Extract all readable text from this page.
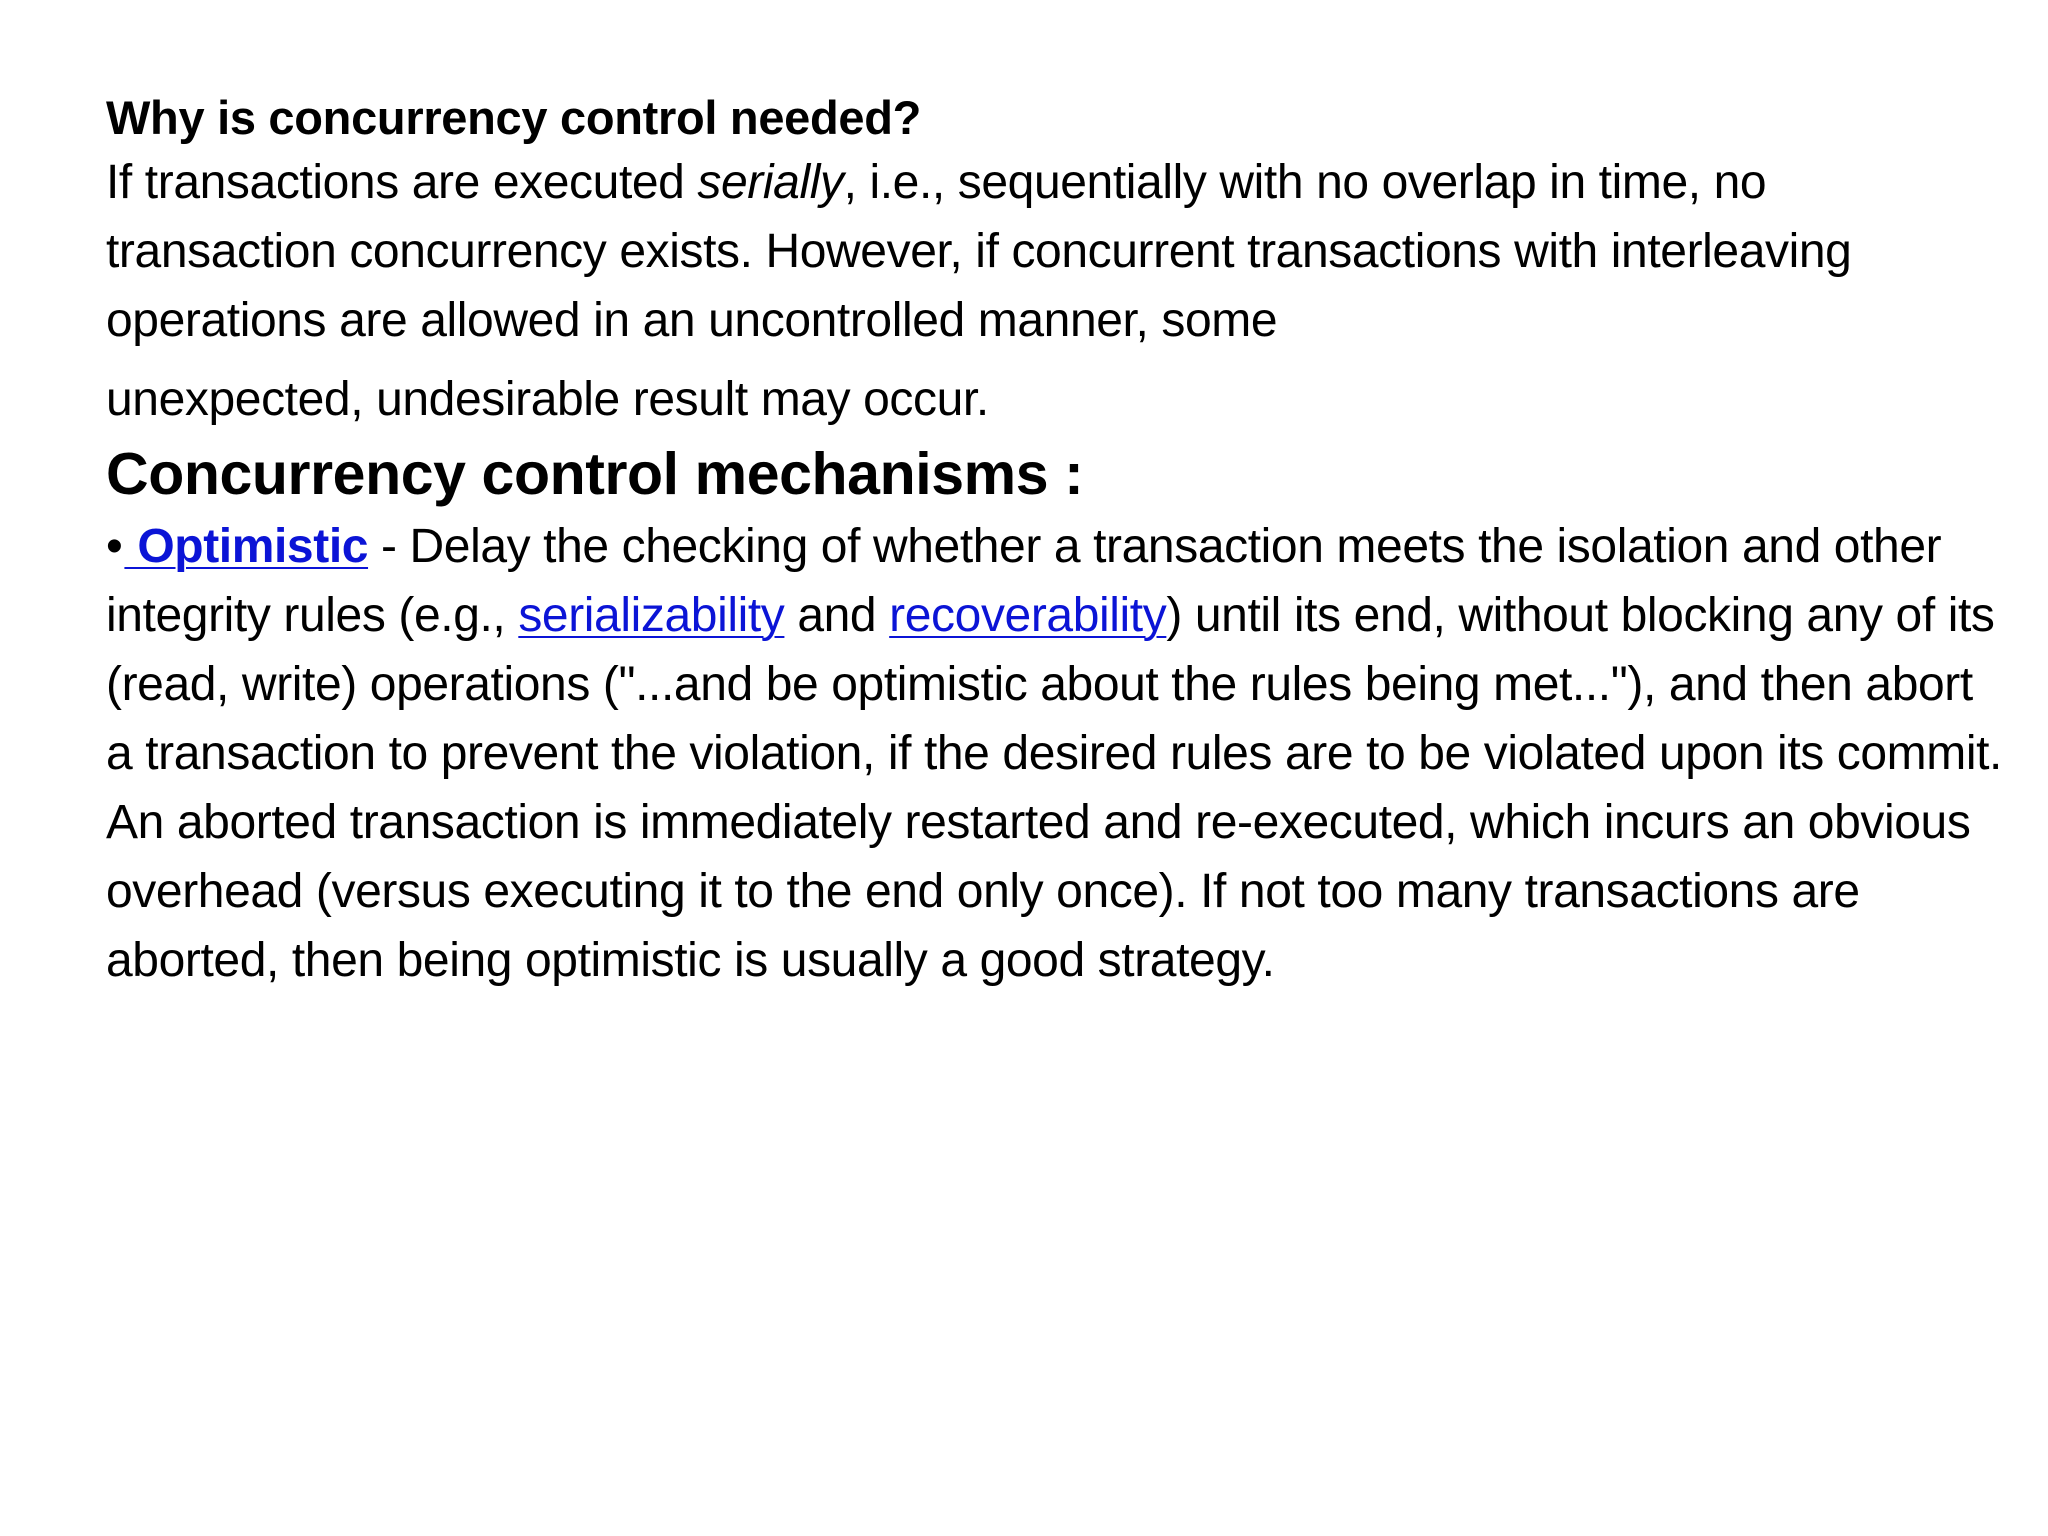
Why is concurrency control needed?

If transactions are executed serially, i.e., sequentially with no overlap in time, no transaction concurrency exists. However, if concurrent transactions with interleaving operations are allowed in an uncontrolled manner, some
unexpected, undesirable result may occur.

Concurrency control mechanisms :

• Optimistic - Delay the checking of whether a transaction meets the isolation and other integrity rules (e.g., serializability and recoverability) until its end, without blocking any of its (read, write) operations ("...and be optimistic about the rules being met..."), and then abort a transaction to prevent the violation, if the desired rules are to be violated upon its commit. An aborted transaction is immediately restarted and re-executed, which incurs an obvious overhead (versus executing it to the end only once). If not too many transactions are aborted, then being optimistic is usually a good strategy.
